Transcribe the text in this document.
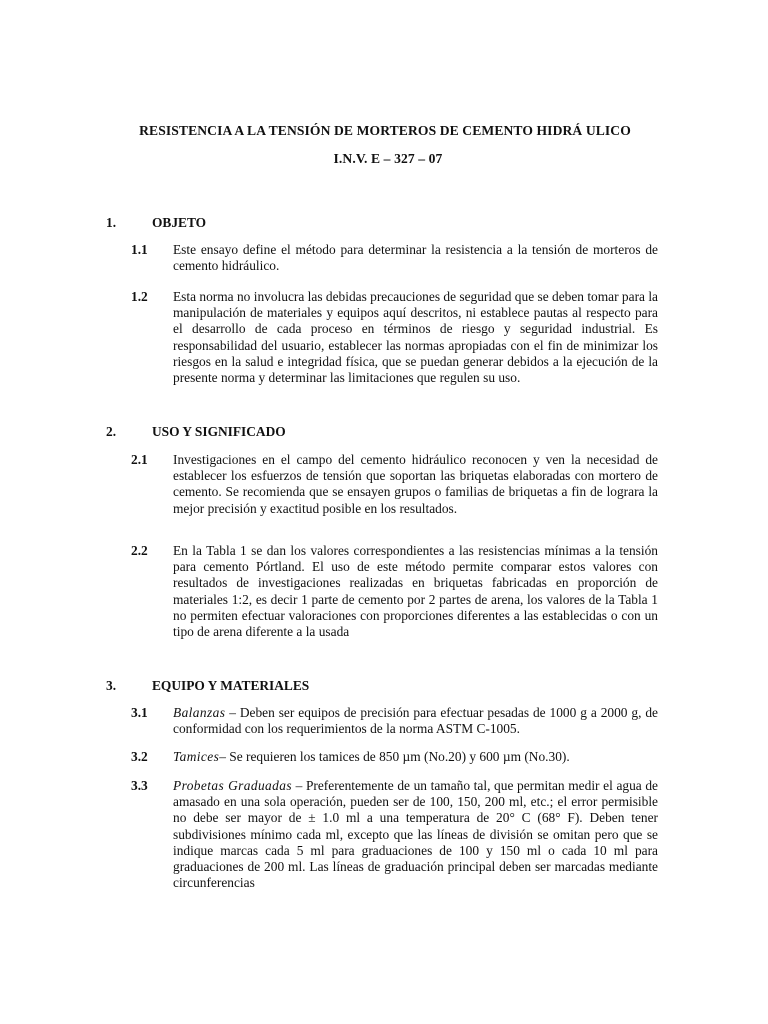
RESISTENCIA A LA TENSIÓN DE MORTEROS DE CEMENTO HIDRÁ ULICO
I.N.V. E – 327 – 07
1.	OBJETO
1.1	Este ensayo define el método para determinar la resistencia a la tensión de morteros de cemento hidráulico.
1.2	Esta norma no involucra las debidas precauciones de seguridad que se deben tomar para la manipulación de materiales y equipos aquí descritos, ni establece pautas al respecto para el desarrollo de cada proceso en términos de riesgo y seguridad industrial. Es responsabilidad del usuario, establecer las normas apropiadas con el fin de minimizar los riesgos en la salud e integridad física, que se puedan generar debidos a la ejecución de la presente norma y determinar las limitaciones que regulen su uso.
2.	USO Y SIGNIFICADO
2.1	Investigaciones en el campo del cemento hidráulico reconocen y ven la necesidad de establecer los esfuerzos de tensión que soportan las briquetas elaboradas con mortero de cemento. Se recomienda que se ensayen grupos o familias de briquetas a fin de lograra la mejor precisión y exactitud posible en los resultados.
2.2	En la Tabla 1 se dan los valores correspondientes a las resistencias mínimas a la tensión para cemento Pórtland. El uso de este método permite comparar estos valores con resultados de investigaciones realizadas en briquetas fabricadas en proporción de materiales 1:2, es decir 1 parte de cemento por 2 partes de arena, los valores de la Tabla 1 no permiten efectuar valoraciones con proporciones diferentes a las establecidas o con un tipo de arena diferente a la usada
3.	EQUIPO Y MATERIALES
3.1	Balanzas – Deben ser equipos de precisión para efectuar pesadas de 1000 g a 2000 g, de conformidad con los requerimientos de la norma ASTM C-1005.
3.2	Tamices– Se requieren los tamices de 850 µm (No.20) y 600 µm (No.30).
3.3	Probetas Graduadas – Preferentemente de un tamaño tal, que permitan medir el agua de amasado en una sola operación, pueden ser de 100, 150, 200 ml, etc.; el error permisible no debe ser mayor de ± 1.0 ml a una temperatura de 20° C (68° F). Deben tener subdivisiones mínimo cada ml, excepto que las líneas de división se omitan pero que se indique marcas cada 5 ml para graduaciones de 100 y 150 ml o cada 10 ml para graduaciones de 200 ml. Las líneas de graduación principal deben ser marcadas mediante circunferencias
